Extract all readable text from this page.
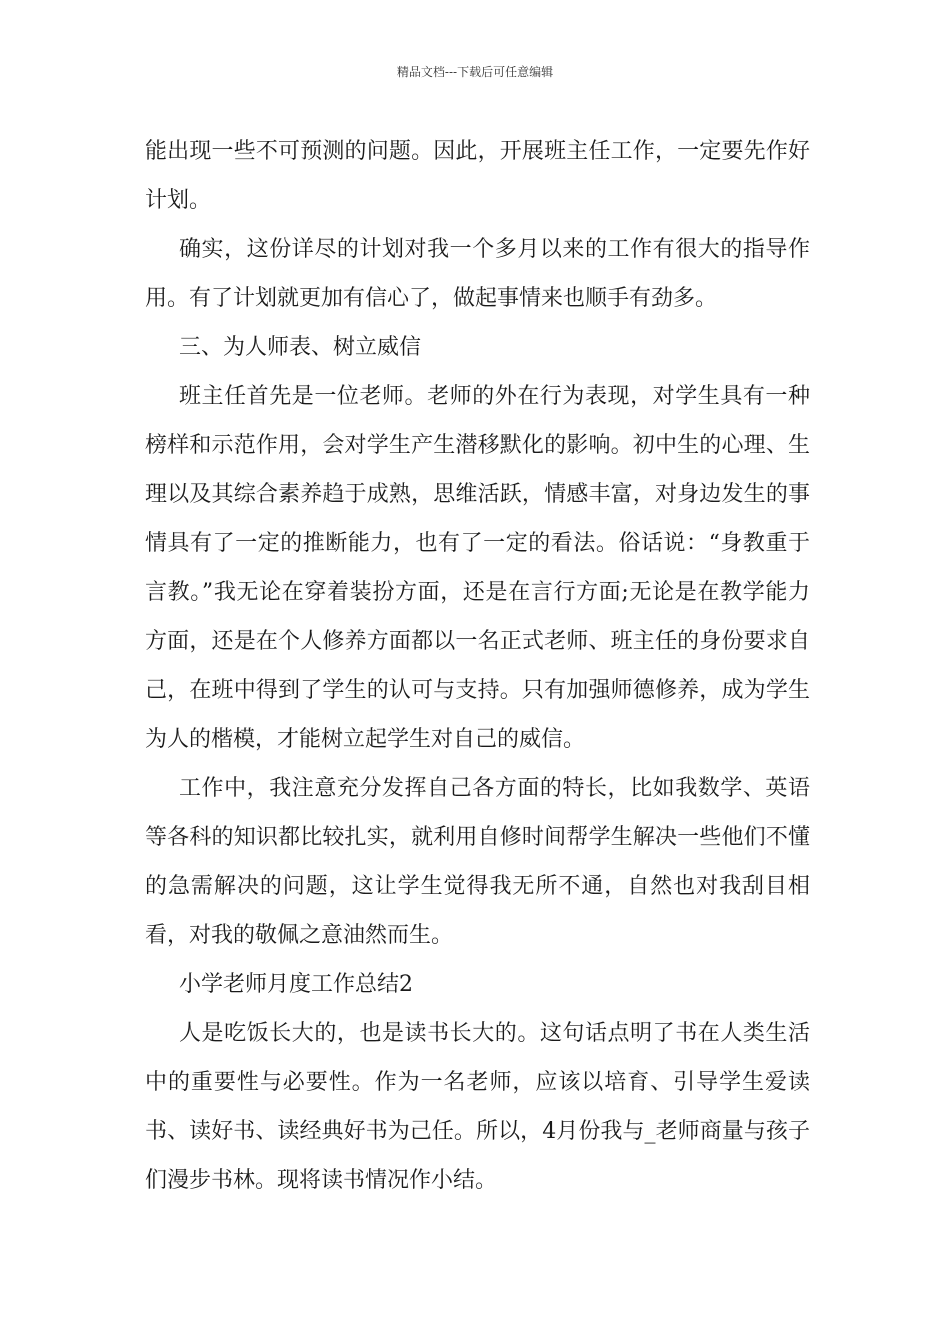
精品文档---下载后可任意编辑

能出现一些不可预测的问题。因此，开展班主任工作，一定要先作好计划。

确实，这份详尽的计划对我一个多月以来的工作有很大的指导作用。有了计划就更加有信心了，做起事情来也顺手有劲多。

三、为人师表、树立威信

班主任首先是一位老师。老师的外在行为表现，对学生具有一种榜样和示范作用，会对学生产生潜移默化的影响。初中生的心理、生理以及其综合素养趋于成熟，思维活跃，情感丰富，对身边发生的事情具有了一定的推断能力，也有了一定的看法。俗话说：“身教重于言教。”我无论在穿着装扮方面，还是在言行方面;无论是在教学能力方面，还是在个人修养方面都以一名正式老师、班主任的身份要求自己，在班中得到了学生的认可与支持。只有加强师德修养，成为学生为人的楷模，才能树立起学生对自己的威信。

工作中，我注意充分发挥自己各方面的特长，比如我数学、英语等各科的知识都比较扎实，就利用自修时间帮学生解决一些他们不懂的急需解决的问题，这让学生觉得我无所不通，自然也对我刮目相看，对我的敬佩之意油然而生。

小学老师月度工作总结2

人是吃饭长大的，也是读书长大的。这句话点明了书在人类生活中的重要性与必要性。作为一名老师，应该以培育、引导学生爱读书、读好书、读经典好书为己任。所以，4月份我与_老师商量与孩子们漫步书林。现将读书情况作小结。
